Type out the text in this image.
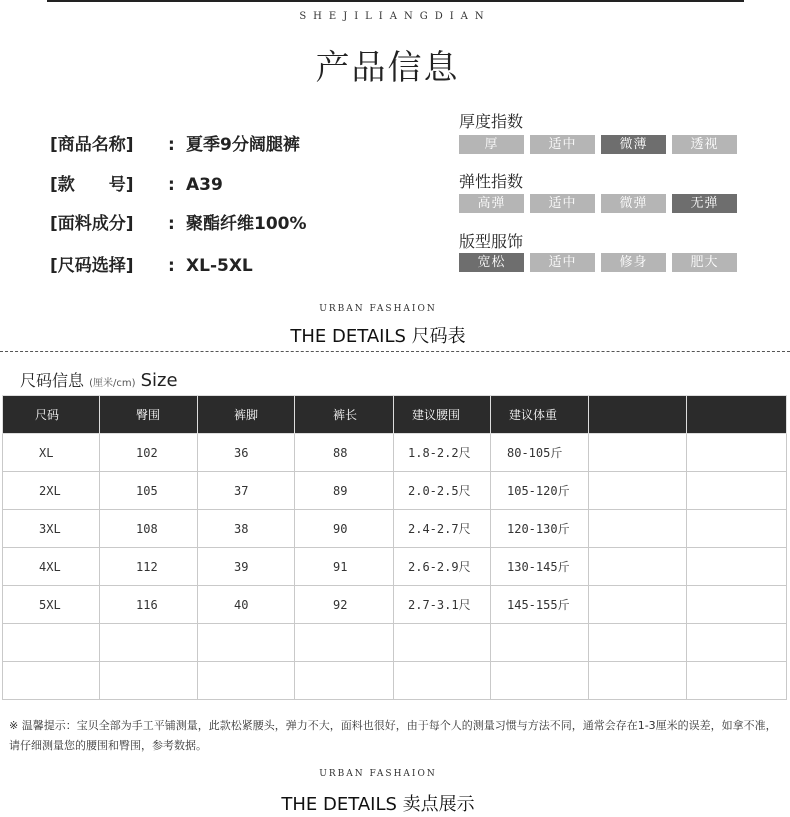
SHEJILIANGDIAN
产品信息
[商品名称] : 夏季9分阔腿裤
[款　　号] : A39
[面料成分] : 聚酯纤维100%
[尺码选择] : XL-5XL
厚度指数
厚	适中	微薄	透视
弹性指数
高弹	适中	微弹	无弹
版型服饰
宽松	适中	修身	肥大
URBAN FASHAION
THE DETAILS 尺码表
尺码信息 (厘米/cm) Size
尺码	臀围	裤脚	裤长	建议腰围	建议体重		
XL	102	36	88	1.8-2.2尺	80-105斤		
2XL	105	37	89	2.0-2.5尺	105-120斤		
3XL	108	38	90	2.4-2.7尺	120-130斤		
4XL	112	39	91	2.6-2.9尺	130-145斤		
5XL	116	40	92	2.7-3.1尺	145-155斤		

※ 温馨提示：宝贝全部为手工平铺测量，此款松紧腰头，弹力不大，面料也很好，由于每个人的测量习惯与方法不同，通常会存在1-3厘米的误差，如拿不准，请仔细测量您的腰围和臀围，参考数据。
URBAN FASHAION
THE DETAILS 卖点展示
